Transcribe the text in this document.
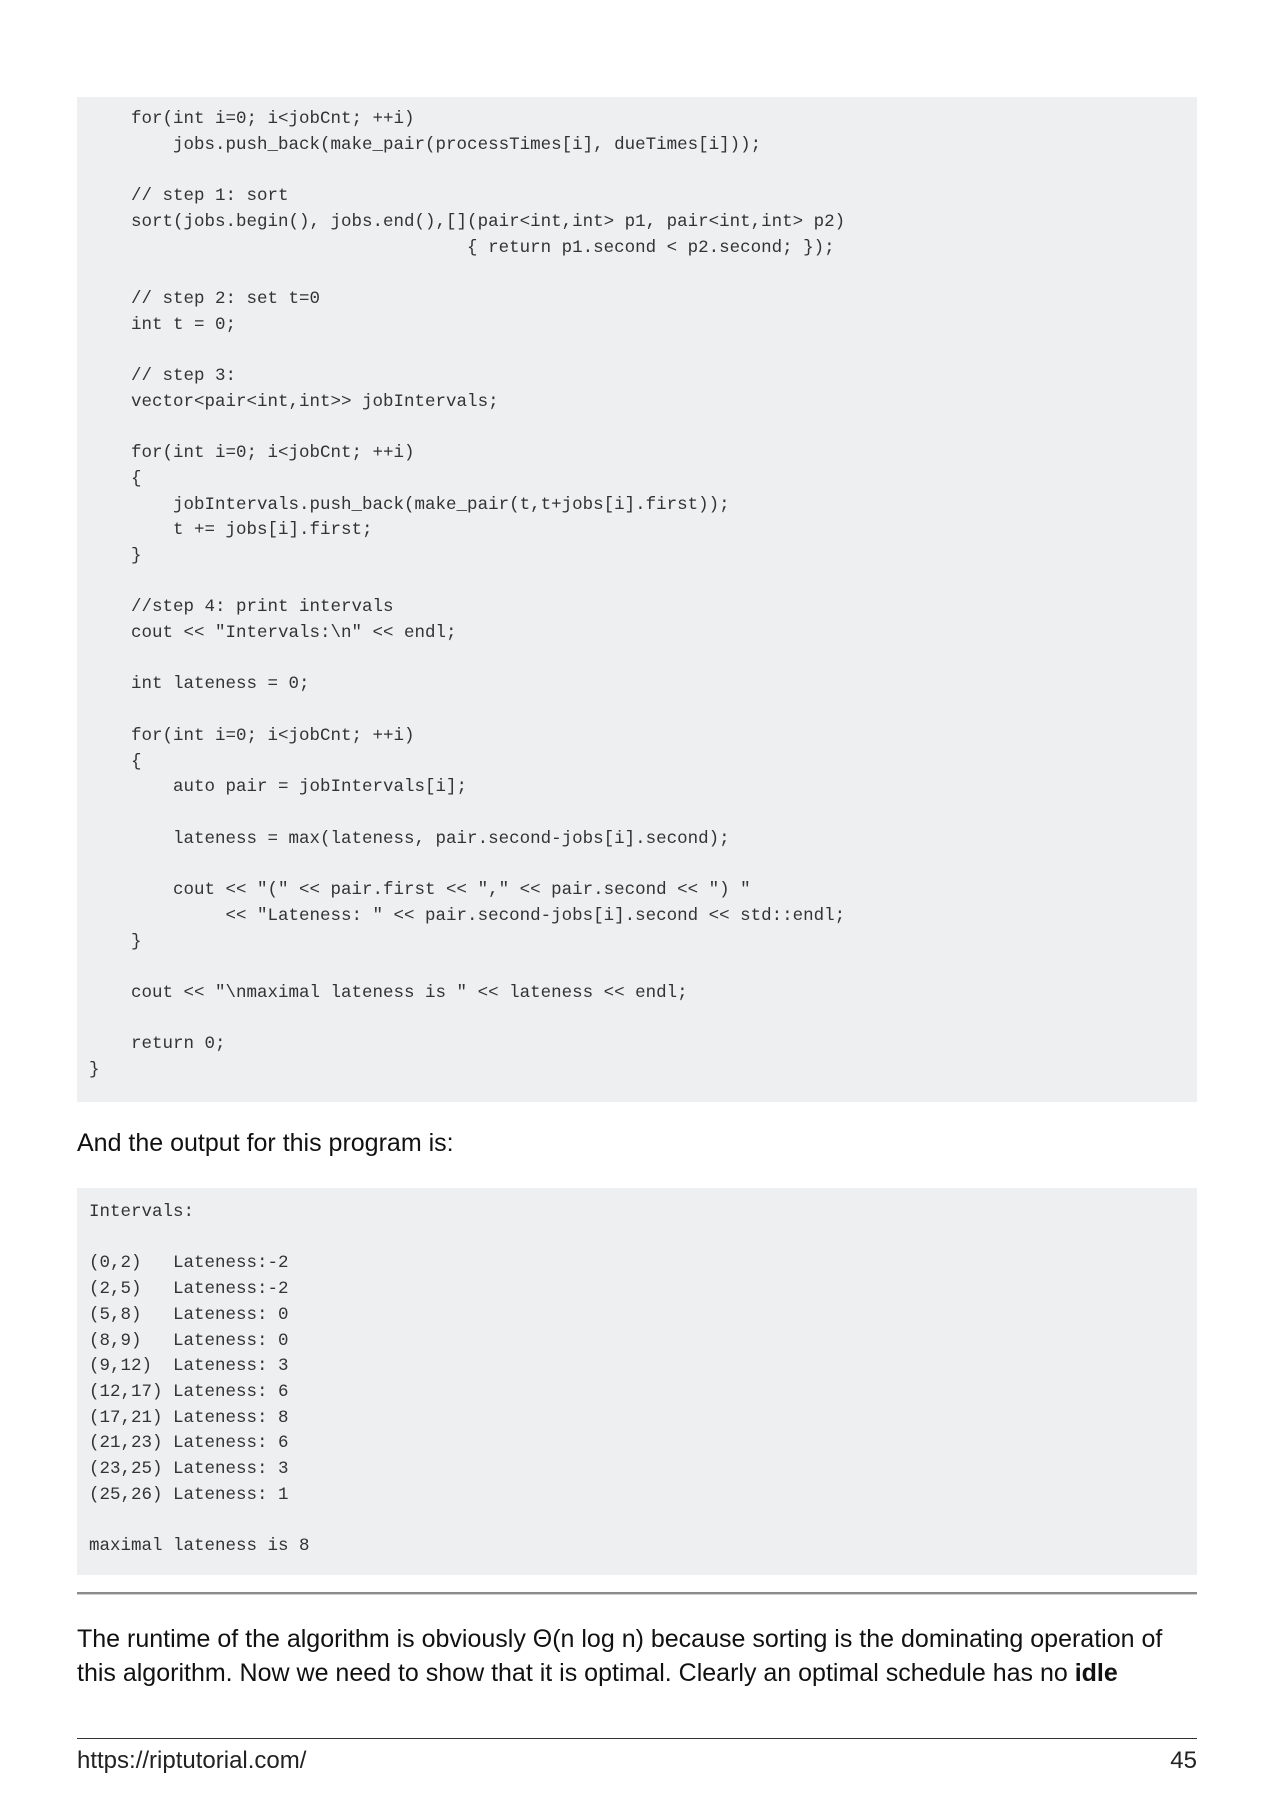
for(int i=0; i<jobCnt; ++i)
jobs.push_back(make_pair(processTimes[i], dueTimes[i]));

// step 1: sort
sort(jobs.begin(), jobs.end(),[](pair<int,int> p1, pair<int,int> p2)
{ return p1.second < p2.second; });

// step 2: set t=0
int t = 0;

// step 3:
vector<pair<int,int>> jobIntervals;

for(int i=0; i<jobCnt; ++i)
{
jobIntervals.push_back(make_pair(t,t+jobs[i].first));
t += jobs[i].first;
}

//step 4: print intervals
cout << "Intervals:\n" << endl;

int lateness = 0;

for(int i=0; i<jobCnt; ++i)
{
auto pair = jobIntervals[i];

lateness = max(lateness, pair.second-jobs[i].second);

cout << "(" << pair.first << "," << pair.second << ") "
<< "Lateness: " << pair.second-jobs[i].second << std::endl;
}

cout << "\nmaximal lateness is " << lateness << endl;

return 0;
}

And the output for this program is:

Intervals:

(0,2)   Lateness:-2
(2,5)   Lateness:-2
(5,8)   Lateness: 0
(8,9)   Lateness: 0
(9,12)  Lateness: 3
(12,17) Lateness: 6
(17,21) Lateness: 8
(21,23) Lateness: 6
(23,25) Lateness: 3
(25,26) Lateness: 1

maximal lateness is 8

The runtime of the algorithm is obviously Θ(n log n) because sorting is the dominating operation of this algorithm. Now we need to show that it is optimal. Clearly an optimal schedule has no idle

https://riptutorial.com/	45
